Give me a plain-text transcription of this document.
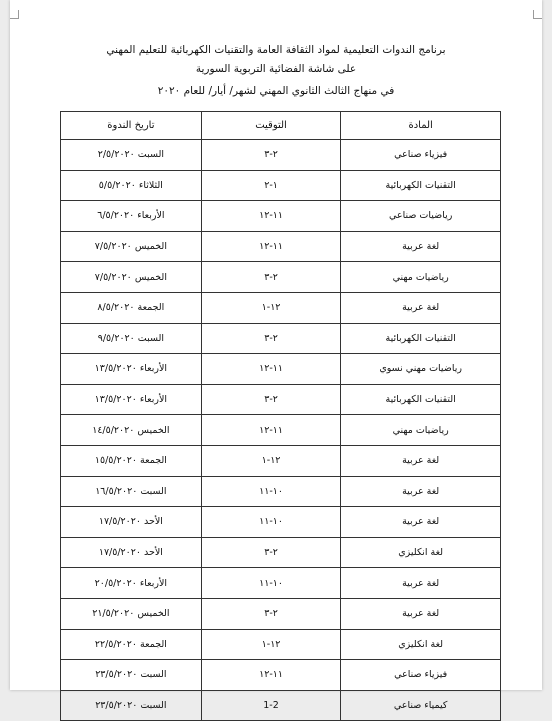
برنامج الندوات التعليمية لمواد الثقافة العامة والتقنيات الكهربائية للتعليم المهني
على شاشة الفضائية التربوية السورية
في منهاج الثالث الثانوي المهني لشهر/ أيار/ للعام ٢٠٢٠
المادة	التوقيت	تاريخ الندوة
فيزياء صناعي	٢-٣	السبت ٢/٥/٢٠٢٠
التقنيات الكهربائية	١-٢	الثلاثاء ٥/٥/٢٠٢٠
رياضيات صناعي	١١-١٢	الأربعاء ٦/٥/٢٠٢٠
لغة عربية	١١-١٢	الخميس ٧/٥/٢٠٢٠
رياضيات مهني	٢-٣	الخميس ٧/٥/٢٠٢٠
لغة عربية	١٢-١	الجمعة ٨/٥/٢٠٢٠
التقنيات الكهربائية	٢-٣	السبت ٩/٥/٢٠٢٠
رياضيات مهني نسوي	١١-١٢	الأربعاء ١٣/٥/٢٠٢٠
التقنيات الكهربائية	٢-٣	الأربعاء ١٣/٥/٢٠٢٠
رياضيات مهني	١١-١٢	الخميس ١٤/٥/٢٠٢٠
لغة عربية	١٢-١	الجمعة ١٥/٥/٢٠٢٠
لغة عربية	١٠-١١	السبت ١٦/٥/٢٠٢٠
لغة عربية	١٠-١١	الأحد ١٧/٥/٢٠٢٠
لغة انكليزي	٢-٣	الأحد ١٧/٥/٢٠٢٠
لغة عربية	١٠-١١	الأربعاء ٢٠/٥/٢٠٢٠
لغة عربية	٢-٣	الخميس ٢١/٥/٢٠٢٠
لغة انكليزي	١٢-١	الجمعة ٢٢/٥/٢٠٢٠
فيزياء صناعي	١١-١٢	السبت ٢٣/٥/٢٠٢٠
كيمياء صناعي	1-2	السبت ٢٣/٥/٢٠٢٠
